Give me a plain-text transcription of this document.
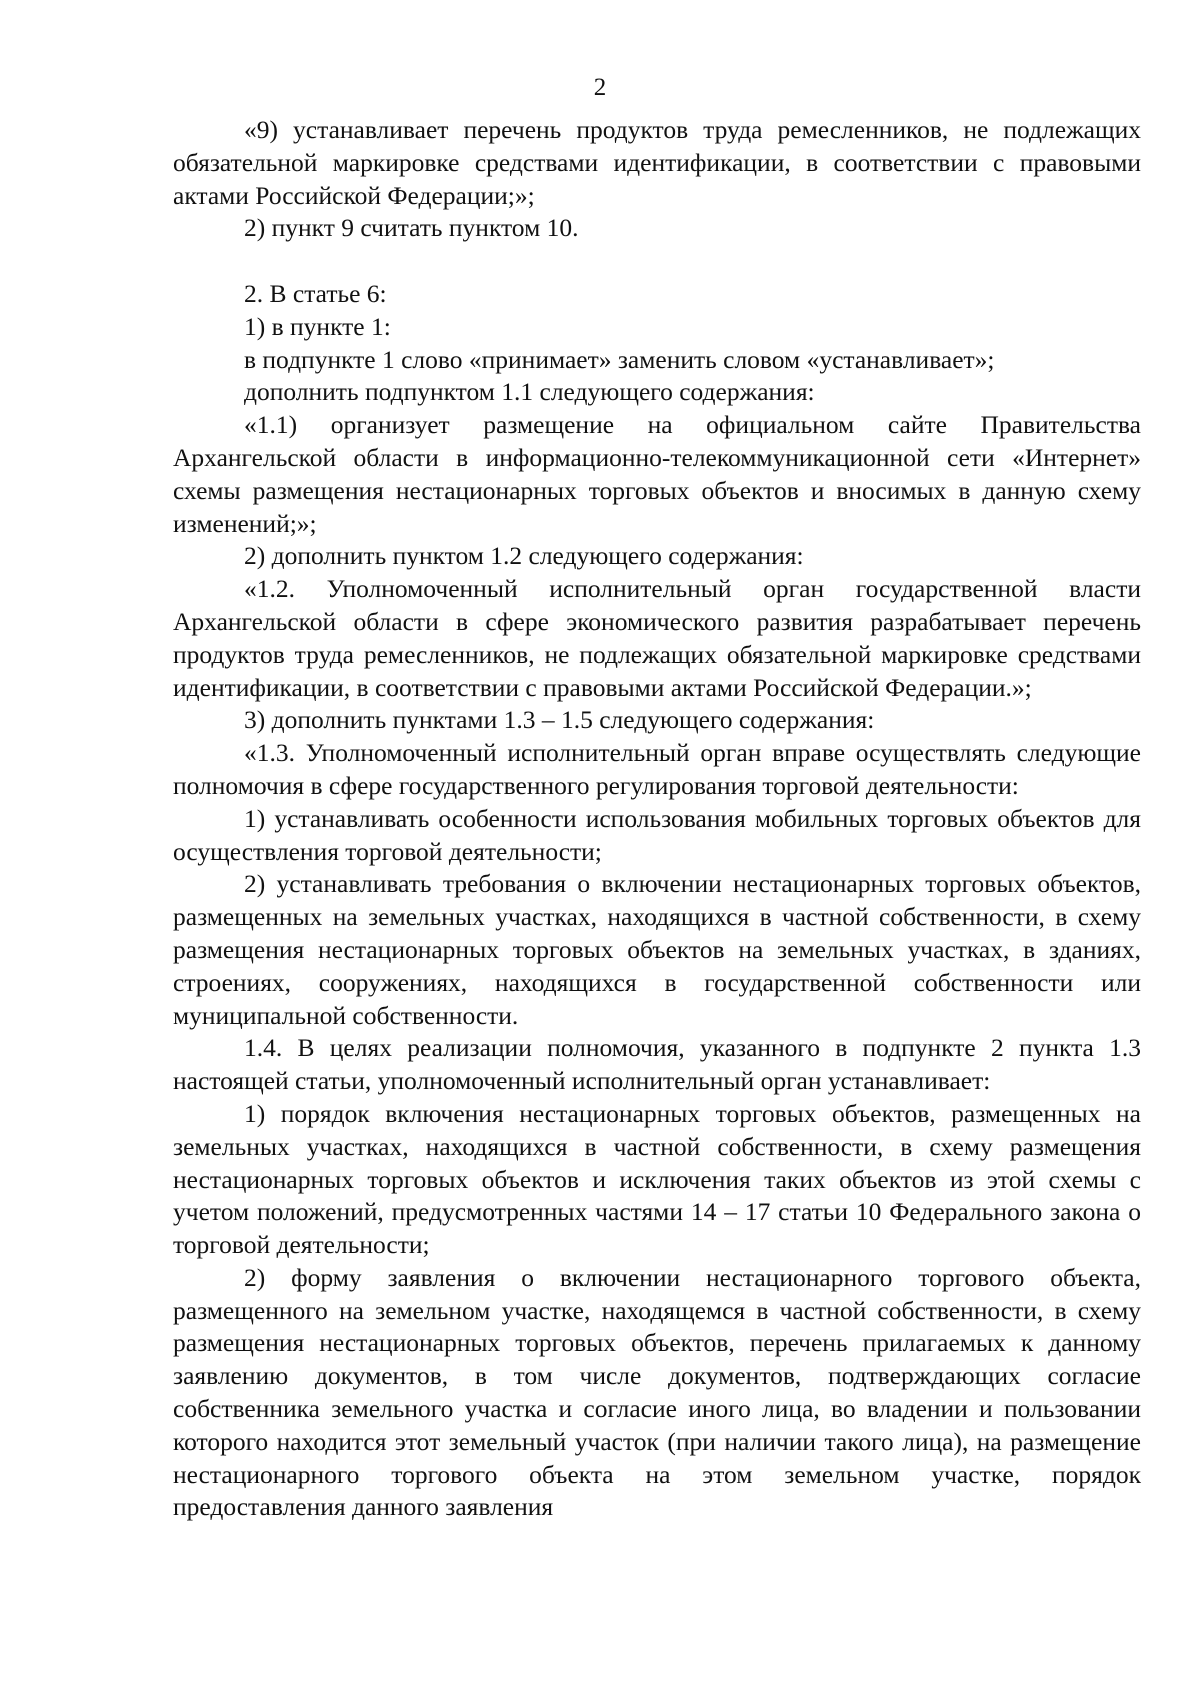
2

«9) устанавливает перечень продуктов труда ремесленников, не подлежащих обязательной маркировке средствами идентификации, в соответствии с правовыми актами Российской Федерации;»;

2) пункт 9 считать пунктом 10.

2. В статье 6:

1) в пункте 1:

в подпункте 1 слово «принимает» заменить словом «устанавливает»;

дополнить подпунктом 1.1 следующего содержания:

«1.1) организует размещение на официальном сайте Правительства Архангельской области в информационно-телекоммуникационной сети «Интернет» схемы размещения нестационарных торговых объектов и вносимых в данную схему изменений;»;

2) дополнить пунктом 1.2 следующего содержания:

«1.2. Уполномоченный исполнительный орган государственной власти Архангельской области в сфере экономического развития разрабатывает перечень продуктов труда ремесленников, не подлежащих обязательной маркировке средствами идентификации, в соответствии с правовыми актами Российской Федерации.»;

3) дополнить пунктами 1.3 – 1.5 следующего содержания:

«1.3. Уполномоченный исполнительный орган вправе осуществлять следующие полномочия в сфере государственного регулирования торговой деятельности:

1) устанавливать особенности использования мобильных торговых объектов для осуществления торговой деятельности;

2) устанавливать требования о включении нестационарных торговых объектов, размещенных на земельных участках, находящихся в частной собственности, в схему размещения нестационарных торговых объектов на земельных участках, в зданиях, строениях, сооружениях, находящихся в государственной собственности или муниципальной собственности.

1.4. В целях реализации полномочия, указанного в подпункте 2 пункта 1.3 настоящей статьи, уполномоченный исполнительный орган устанавливает:

1) порядок включения нестационарных торговых объектов, размещенных на земельных участках, находящихся в частной собственности, в схему размещения нестационарных торговых объектов и исключения таких объектов из этой схемы с учетом положений, предусмотренных частями 14 – 17 статьи 10 Федерального закона о торговой деятельности;

2) форму заявления о включении нестационарного торгового объекта, размещенного на земельном участке, находящемся в частной собственности, в схему размещения нестационарных торговых объектов, перечень прилагаемых к данному заявлению документов, в том числе документов, подтверждающих согласие собственника земельного участка и согласие иного лица, во владении и пользовании которого находится этот земельный участок (при наличии такого лица), на размещение нестационарного торгового объекта на этом земельном участке, порядок предоставления данного заявления
